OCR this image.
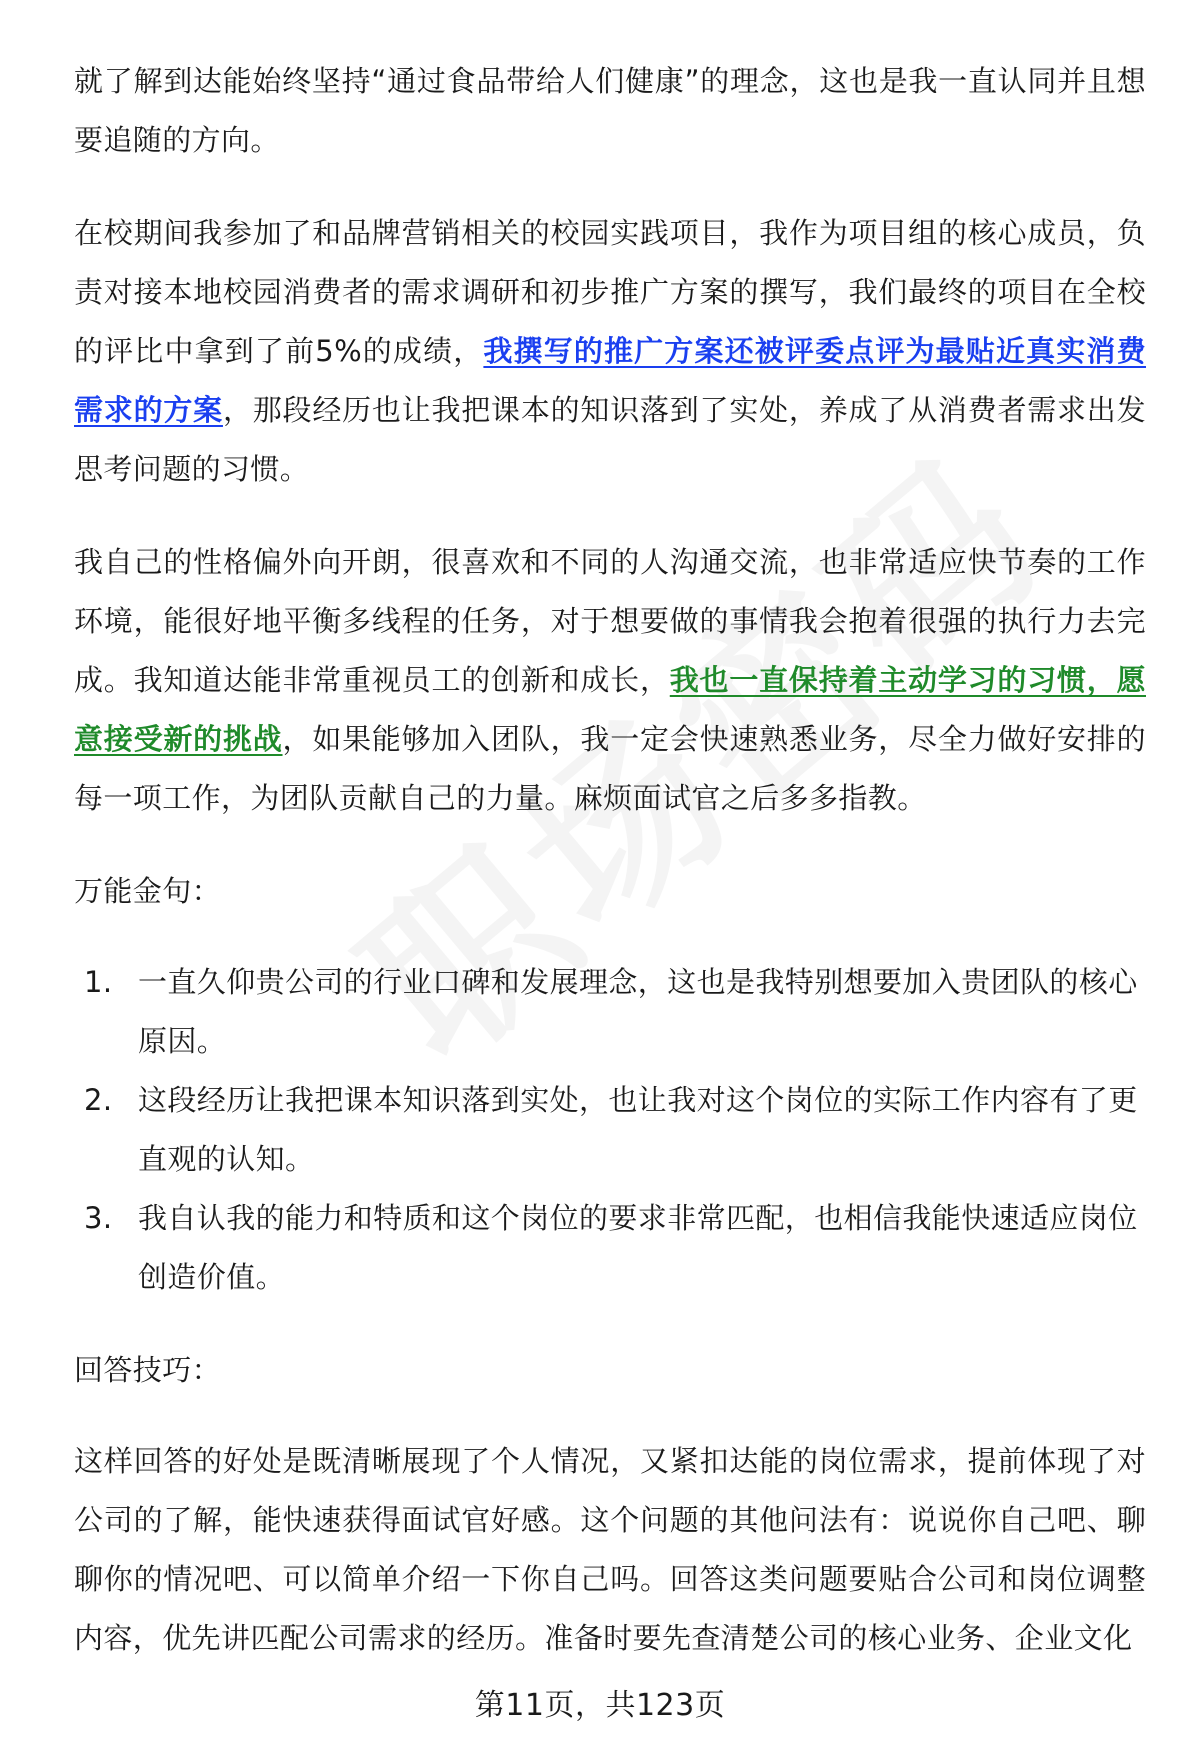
就了解到达能始终坚持“通过食品带给人们健康”的理念，这也是我一直认同并且想要追随的方向。

在校期间我参加了和品牌营销相关的校园实践项目，我作为项目组的核心成员，负责对接本地校园消费者的需求调研和初步推广方案的撰写，我们最终的项目在全校的评比中拿到了前5%的成绩，我撰写的推广方案还被评委点评为最贴近真实消费需求的方案，那段经历也让我把课本的知识落到了实处，养成了从消费者需求出发思考问题的习惯。

我自己的性格偏外向开朗，很喜欢和不同的人沟通交流，也非常适应快节奏的工作环境，能很好地平衡多线程的任务，对于想要做的事情我会抱着很强的执行力去完成。我知道达能非常重视员工的创新和成长，我也一直保持着主动学习的习惯，愿意接受新的挑战，如果能够加入团队，我一定会快速熟悉业务，尽全力做好安排的每一项工作，为团队贡献自己的力量。麻烦面试官之后多多指教。

万能金句：
1. 一直久仰贵公司的行业口碑和发展理念，这也是我特别想要加入贵团队的核心原因。
2. 这段经历让我把课本知识落到实处，也让我对这个岗位的实际工作内容有了更直观的认知。
3. 我自认我的能力和特质和这个岗位的要求非常匹配，也相信我能快速适应岗位创造价值。
回答技巧：

这样回答的好处是既清晰展现了个人情况，又紧扣达能的岗位需求，提前体现了对公司的了解，能快速获得面试官好感。这个问题的其他问法有：说说你自己吧、聊聊你的情况吧、可以简单介绍一下你自己吗。回答这类问题要贴合公司和岗位调整内容，优先讲匹配公司需求的经历。准备时要先查清楚公司的核心业务、企业文化

第11页，共123页
